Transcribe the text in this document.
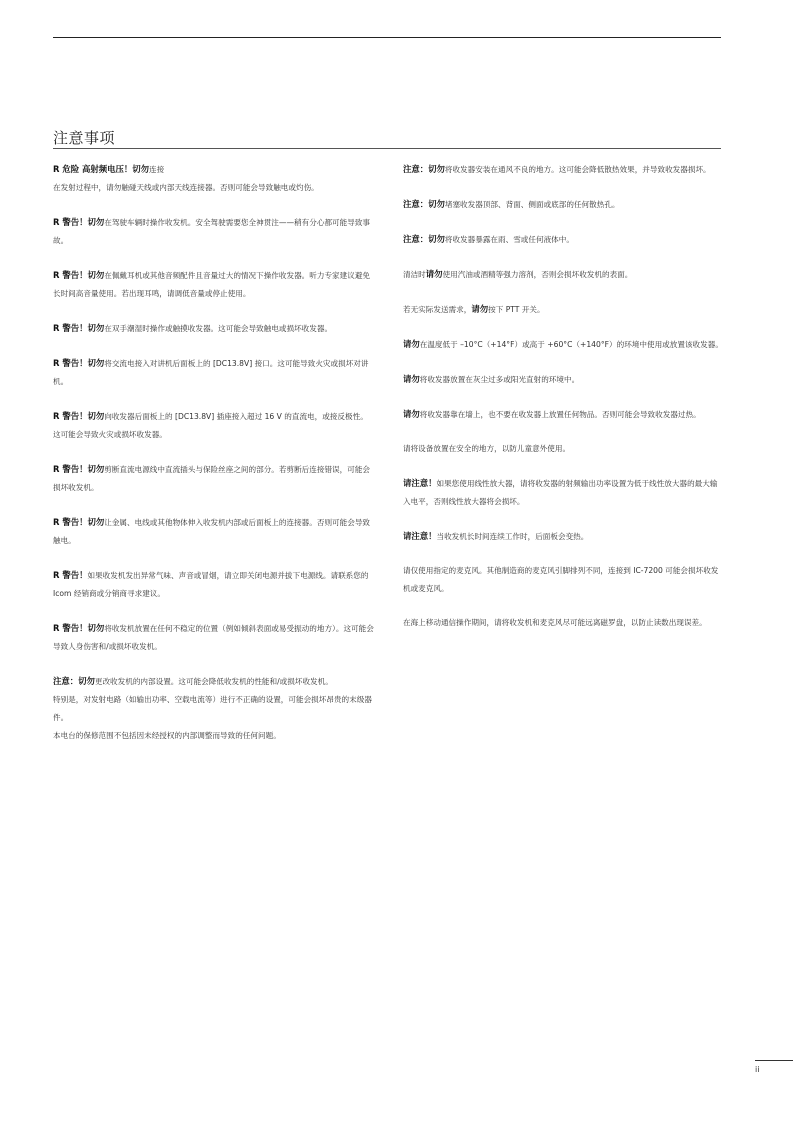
注意事项
R 危险 高射频电压！切勿连接
在发射过程中，请勿触碰天线或内部天线连接器。否则可能会导致触电或灼伤。
R 警告！切勿在驾驶车辆时操作收发机。安全驾驶需要您全神贯注——稍有分心都可能导致事故。
R 警告！切勿在佩戴耳机或其他音频配件且音量过大的情况下操作收发器。听力专家建议避免长时间高音量使用。若出现耳鸣，请调低音量或停止使用。
R 警告！切勿在双手潮湿时操作或触摸收发器。这可能会导致触电或损坏收发器。
R 警告！切勿将交流电接入对讲机后面板上的 [DC13.8V] 接口。这可能导致火灾或损坏对讲机。
R 警告！切勿向收发器后面板上的 [DC13.8V] 插座接入超过 16 V 的直流电，或接反极性。这可能会导致火灾或损坏收发器。
R 警告！切勿剪断直流电源线中直流插头与保险丝座之间的部分。若剪断后连接错误，可能会损坏收发机。
R 警告！切勿让金属、电线或其他物体伸入收发机内部或后面板上的连接器。否则可能会导致触电。
R 警告！如果收发机发出异常气味、声音或冒烟，请立即关闭电源并拔下电源线。请联系您的 Icom 经销商或分销商寻求建议。
R 警告！切勿将收发机放置在任何不稳定的位置（例如倾斜表面或易受振动的地方）。这可能会导致人身伤害和/或损坏收发机。
注意：切勿更改收发机的内部设置。这可能会降低收发机的性能和/或损坏收发机。
特别是，对发射电路（如输出功率、空载电流等）进行不正确的设置，可能会损坏昂贵的末级器件。
本电台的保修范围不包括因未经授权的内部调整而导致的任何问题。
注意：切勿将收发器安装在通风不良的地方。这可能会降低散热效果，并导致收发器损坏。
注意：切勿堵塞收发器顶部、背面、侧面或底部的任何散热孔。
注意：切勿将收发器暴露在雨、雪或任何液体中。
清洁时请勿使用汽油或酒精等强力溶剂，否则会损坏收发机的表面。
若无实际发送需求，请勿按下 PTT 开关。
请勿在温度低于 –10°C（+14°F）或高于 +60°C（+140°F）的环境中使用或放置该收发器。
请勿将收发器放置在灰尘过多或阳光直射的环境中。
请勿将收发器靠在墙上，也不要在收发器上放置任何物品。否则可能会导致收发器过热。
请将设备放置在安全的地方，以防儿童意外使用。
请注意！如果您使用线性放大器，请将收发器的射频输出功率设置为低于线性放大器的最大输入电平，否则线性放大器将会损坏。
请注意！当收发机长时间连续工作时，后面板会变热。
请仅使用指定的麦克风。其他制造商的麦克风引脚排列不同，连接到 IC-7200 可能会损坏收发机或麦克风。
在海上移动通信操作期间，请将收发机和麦克风尽可能远离磁罗盘，以防止读数出现误差。
ii
